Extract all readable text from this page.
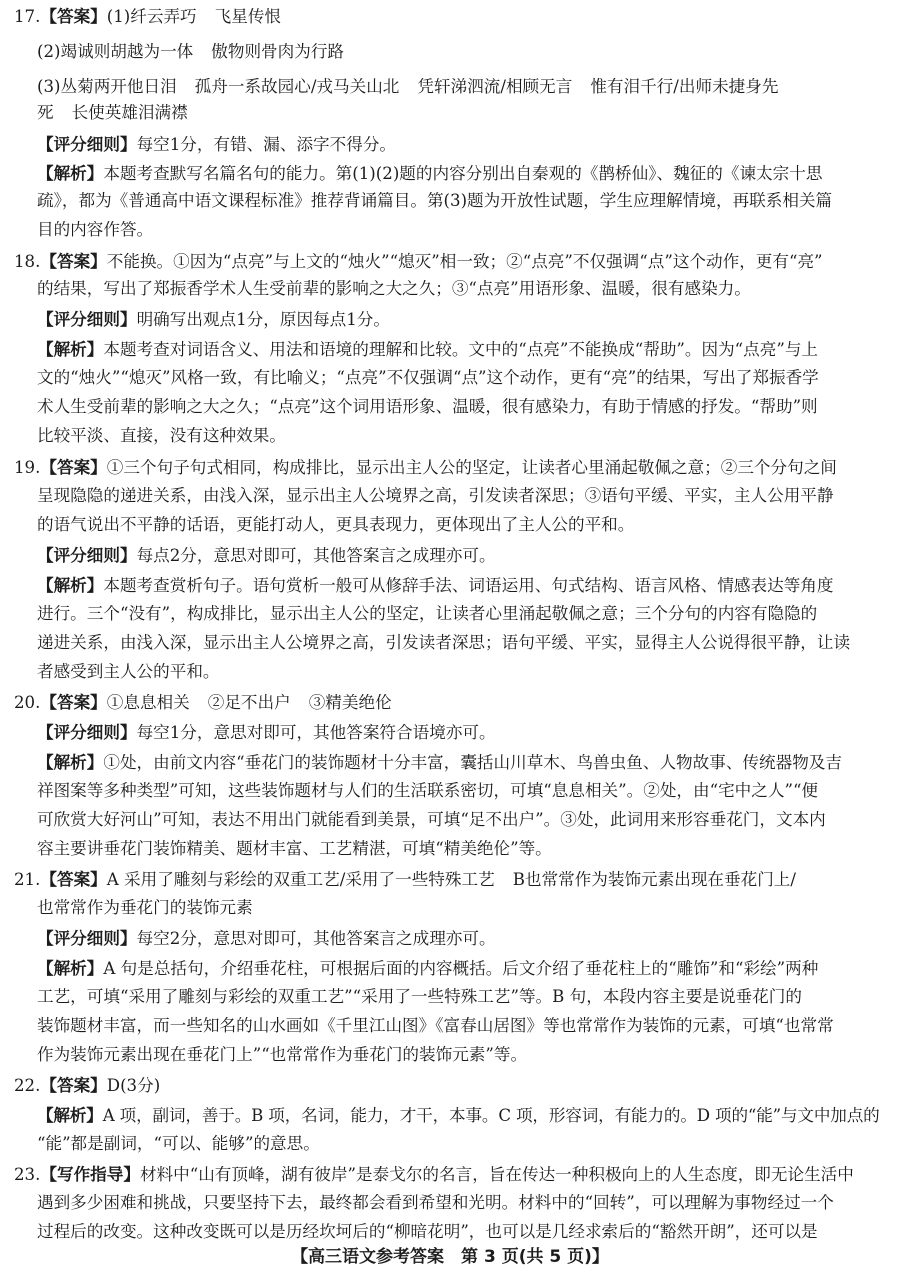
17.【答案】(1)纤云弄巧 飞星传恨
(2)竭诚则胡越为一体 傲物则骨肉为行路
(3)丛菊两开他日泪 孤舟一系故园心/戎马关山北 凭轩涕泗流/相顾无言 惟有泪千行/出师未捷身先
死 长使英雄泪满襟
【评分细则】每空1分，有错、漏、添字不得分。
【解析】本题考查默写名篇名句的能力。第(1)(2)题的内容分别出自秦观的《鹊桥仙》、魏征的《谏太宗十思
疏》，都为《普通高中语文课程标准》推荐背诵篇目。第(3)题为开放性试题，学生应理解情境，再联系相关篇
目的内容作答。
18.【答案】不能换。①因为“点亮”与上文的“烛火”“熄灭”相一致；②“点亮”不仅强调“点”这个动作，更有“亮”
的结果，写出了郑振香学术人生受前辈的影响之大之久；③“点亮”用语形象、温暖，很有感染力。
【评分细则】明确写出观点1分，原因每点1分。
【解析】本题考查对词语含义、用法和语境的理解和比较。文中的“点亮”不能换成“帮助”。因为“点亮”与上
文的“烛火”“熄灭”风格一致，有比喻义；“点亮”不仅强调“点”这个动作，更有“亮”的结果，写出了郑振香学
术人生受前辈的影响之大之久；“点亮”这个词用语形象、温暖，很有感染力，有助于情感的抒发。“帮助”则
比较平淡、直接，没有这种效果。
19.【答案】①三个句子句式相同，构成排比，显示出主人公的坚定，让读者心里涌起敬佩之意；②三个分句之间
呈现隐隐的递进关系，由浅入深，显示出主人公境界之高，引发读者深思；③语句平缓、平实，主人公用平静
的语气说出不平静的话语，更能打动人，更具表现力，更体现出了主人公的平和。
【评分细则】每点2分，意思对即可，其他答案言之成理亦可。
【解析】本题考查赏析句子。语句赏析一般可从修辞手法、词语运用、句式结构、语言风格、情感表达等角度
进行。三个“没有”，构成排比，显示出主人公的坚定，让读者心里涌起敬佩之意；三个分句的内容有隐隐的
递进关系，由浅入深，显示出主人公境界之高，引发读者深思；语句平缓、平实，显得主人公说得很平静，让读
者感受到主人公的平和。
20.【答案】①息息相关 ②足不出户 ③精美绝伦
【评分细则】每空1分，意思对即可，其他答案符合语境亦可。
【解析】①处，由前文内容“垂花门的装饰题材十分丰富，囊括山川草木、鸟兽虫鱼、人物故事、传统器物及吉
祥图案等多种类型”可知，这些装饰题材与人们的生活联系密切，可填“息息相关”。②处，由“宅中之人”“便
可欣赏大好河山”可知，表达不用出门就能看到美景，可填“足不出户”。③处，此词用来形容垂花门，文本内
容主要讲垂花门装饰精美、题材丰富、工艺精湛，可填“精美绝伦”等。
21.【答案】A 采用了雕刻与彩绘的双重工艺/采用了一些特殊工艺 B也常常作为装饰元素出现在垂花门上/
也常常作为垂花门的装饰元素
【评分细则】每空2分，意思对即可，其他答案言之成理亦可。
【解析】A 句是总括句，介绍垂花柱，可根据后面的内容概括。后文介绍了垂花柱上的“雕饰”和“彩绘”两种
工艺，可填“采用了雕刻与彩绘的双重工艺”“采用了一些特殊工艺”等。B 句，本段内容主要是说垂花门的
装饰题材丰富，而一些知名的山水画如《千里江山图》《富春山居图》等也常常作为装饰的元素，可填“也常常
作为装饰元素出现在垂花门上”“也常常作为垂花门的装饰元素”等。
22.【答案】D(3分)
【解析】A 项，副词，善于。B 项，名词，能力，才干，本事。C 项，形容词，有能力的。D 项的“能”与文中加点的
“能”都是副词，“可以、能够”的意思。
23.【写作指导】材料中“山有顶峰，湖有彼岸”是泰戈尔的名言，旨在传达一种积极向上的人生态度，即无论生活中
遇到多少困难和挑战，只要坚持下去，最终都会看到希望和光明。材料中的“回转”，可以理解为事物经过一个
过程后的改变。这种改变既可以是历经坎坷后的“柳暗花明”，也可以是几经求索后的“豁然开朗”，还可以是
【高三语文参考答案　第 3 页(共 5 页)】
